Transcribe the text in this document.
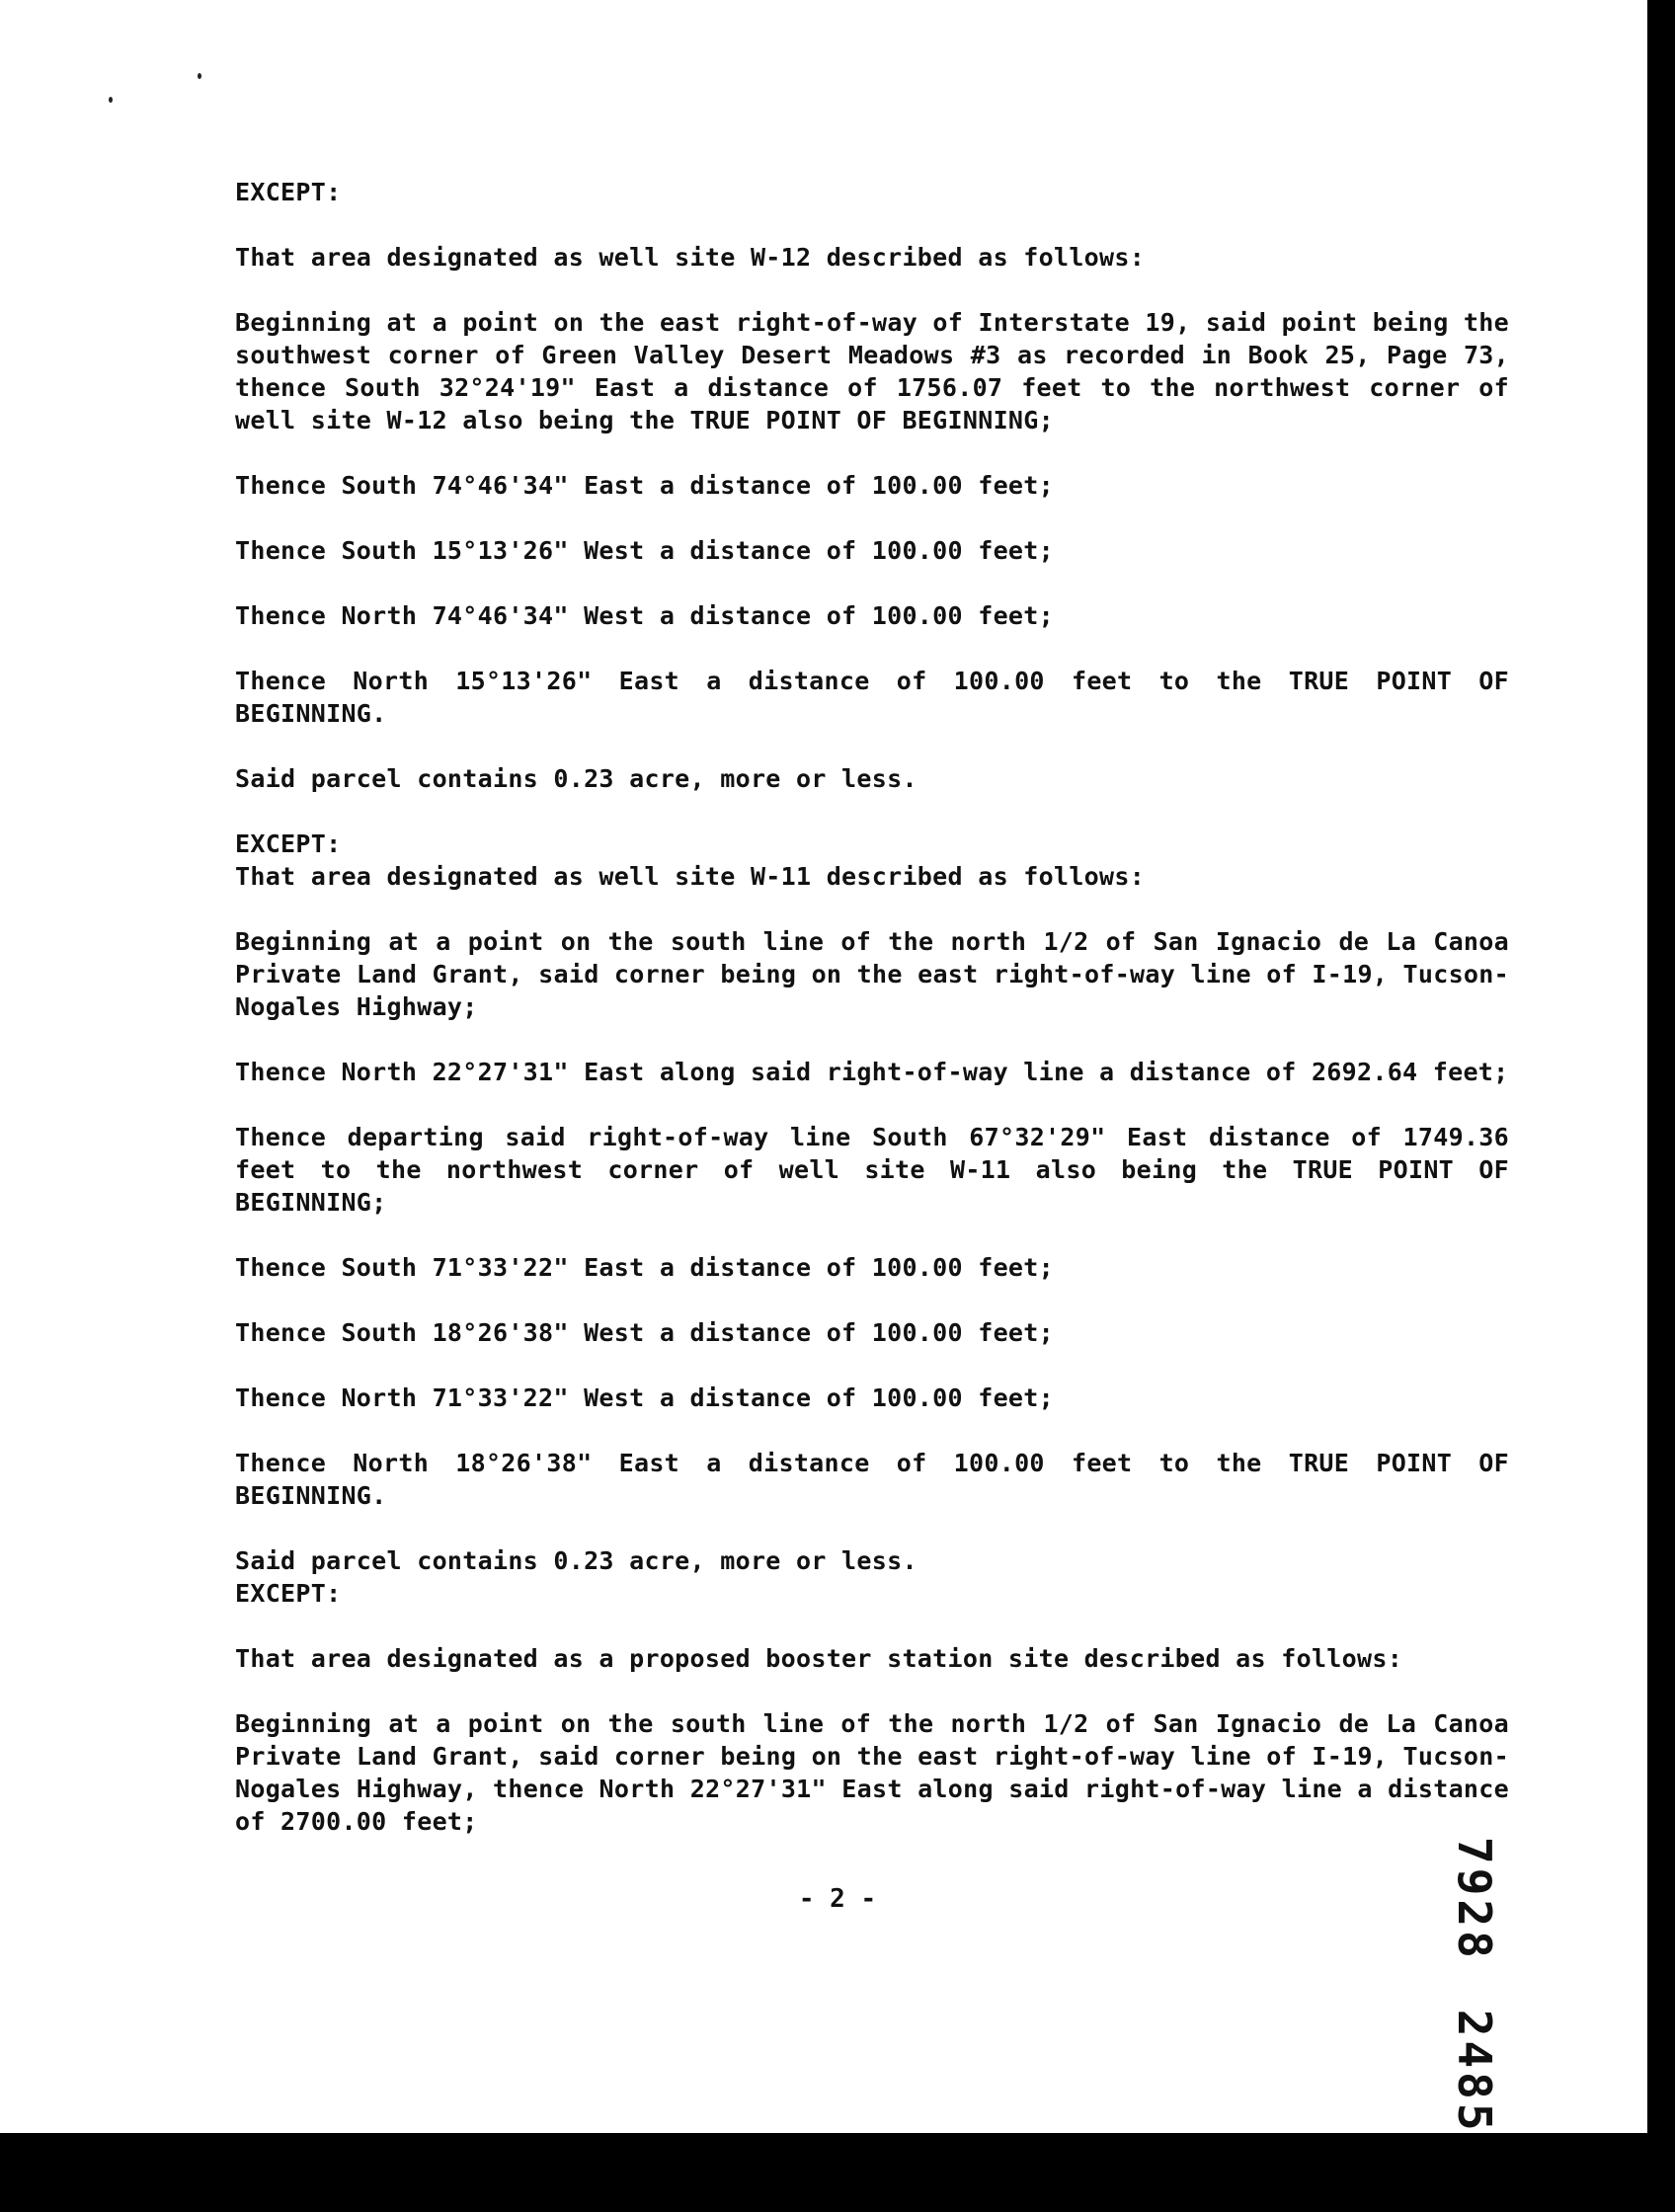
EXCEPT:

That area designated as well site W-12 described as follows:

Beginning at a point on the east right-of-way of Interstate 19, said point being the southwest corner of Green Valley Desert Meadows #3 as recorded in Book 25, Page 73, thence South 32°24'19" East a distance of 1756.07 feet to the northwest corner of well site W-12 also being the TRUE POINT OF BEGINNING;

Thence South 74°46'34" East a distance of 100.00 feet;

Thence South 15°13'26" West a distance of 100.00 feet;

Thence North 74°46'34" West a distance of 100.00 feet;

Thence North 15°13'26" East a distance of 100.00 feet to the TRUE POINT OF BEGINNING.

Said parcel contains 0.23 acre, more or less.

EXCEPT:

That area designated as well site W-11 described as follows:

Beginning at a point on the south line of the north 1/2 of San Ignacio de La Canoa Private Land Grant, said corner being on the east right-of-way line of I-19, Tucson-Nogales Highway;

Thence North 22°27'31" East along said right-of-way line a distance of 2692.64 feet;

Thence departing said right-of-way line South 67°32'29" East distance of 1749.36 feet to the northwest corner of well site W-11 also being the TRUE POINT OF BEGINNING;

Thence South 71°33'22" East a distance of 100.00 feet;

Thence South 18°26'38" West a distance of 100.00 feet;

Thence North 71°33'22" West a distance of 100.00 feet;

Thence North 18°26'38" East a distance of 100.00 feet to the TRUE POINT OF BEGINNING.

Said parcel contains 0.23 acre, more or less.

EXCEPT:

That area designated as a proposed booster station site described as follows:

Beginning at a point on the south line of the north 1/2 of San Ignacio de La Canoa Private Land Grant, said corner being on the east right-of-way line of I-19, Tucson-Nogales Highway, thence North 22°27'31" East along said right-of-way line a distance of 2700.00 feet;

- 2 -	79282485
